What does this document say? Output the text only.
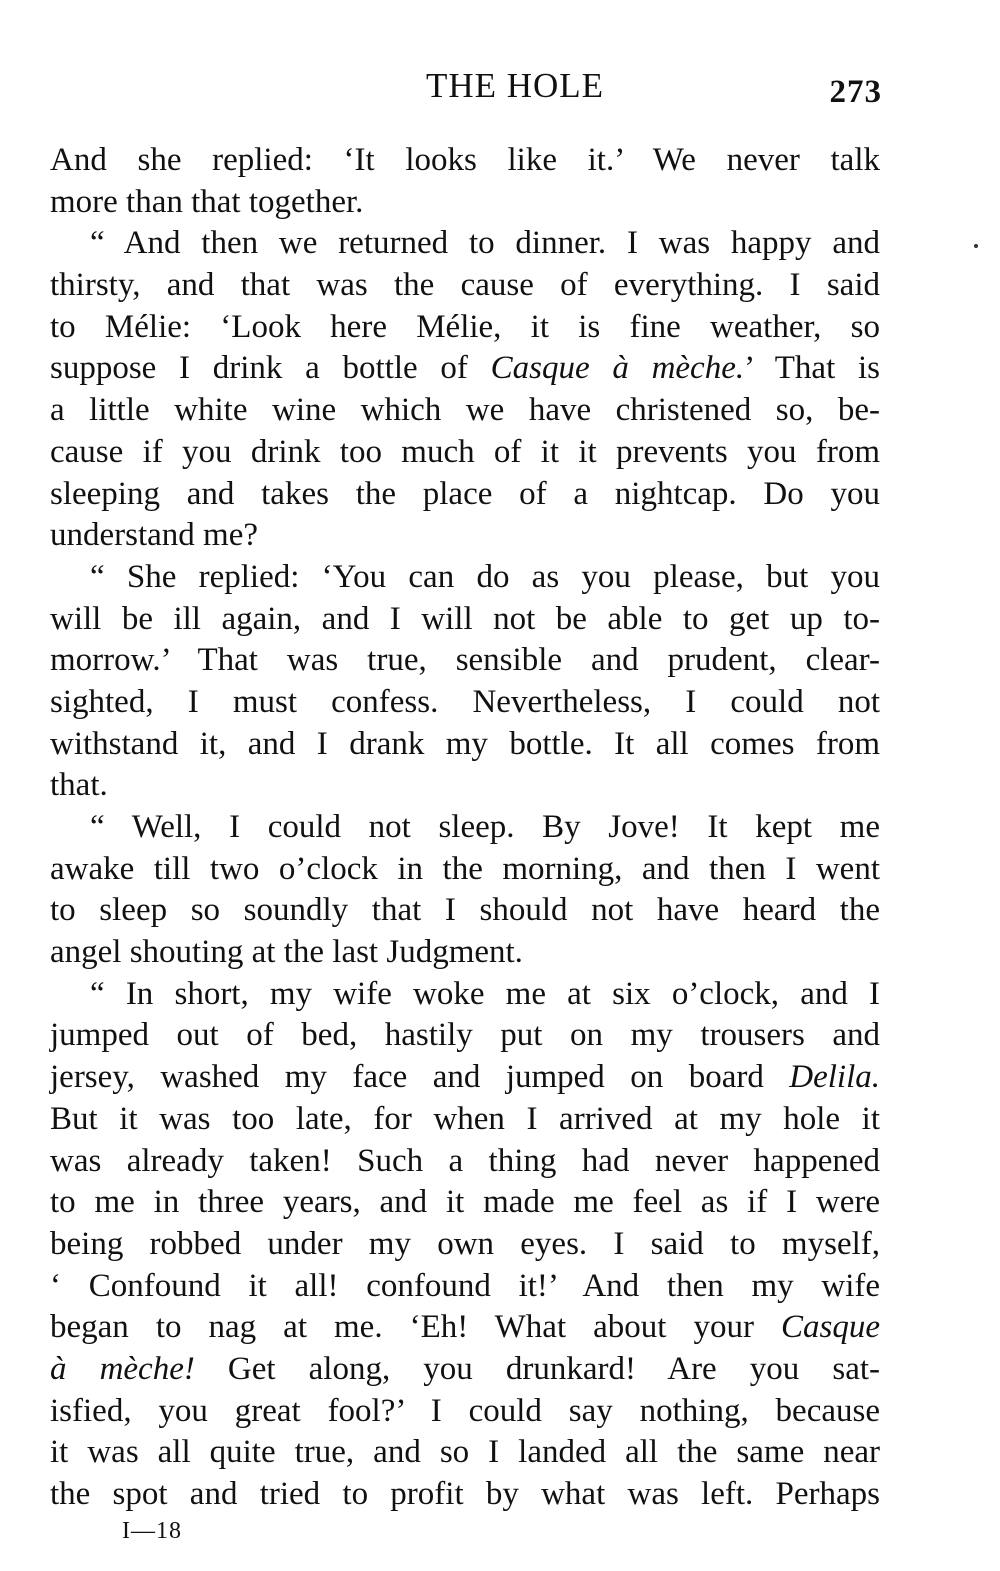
THE HOLE	273
And she replied: ‘It looks like it.’ We never talk
more than that together.
“ And then we returned to dinner. I was happy and
thirsty, and that was the cause of everything. I said
to Mélie: ‘Look here Mélie, it is fine weather, so
suppose I drink a bottle of Casque à mèche.’ That is
a little white wine which we have christened so, be-
cause if you drink too much of it it prevents you from
sleeping and takes the place of a nightcap. Do you
understand me?
“ She replied: ‘You can do as you please, but you
will be ill again, and I will not be able to get up to-
morrow.’ That was true, sensible and prudent, clear-
sighted, I must confess. Nevertheless, I could not
withstand it, and I drank my bottle. It all comes from
that.
“ Well, I could not sleep. By Jove! It kept me
awake till two o’clock in the morning, and then I went
to sleep so soundly that I should not have heard the
angel shouting at the last Judgment.
“ In short, my wife woke me at six o’clock, and I
jumped out of bed, hastily put on my trousers and
jersey, washed my face and jumped on board Delila.
But it was too late, for when I arrived at my hole it
was already taken! Such a thing had never happened
to me in three years, and it made me feel as if I were
being robbed under my own eyes. I said to myself,
‘ Confound it all! confound it!’ And then my wife
began to nag at me. ‘Eh! What about your Casque
à mèche! Get along, you drunkard! Are you sat-
isfied, you great fool?’ I could say nothing, because
it was all quite true, and so I landed all the same near
the spot and tried to profit by what was left. Perhaps
I—18
